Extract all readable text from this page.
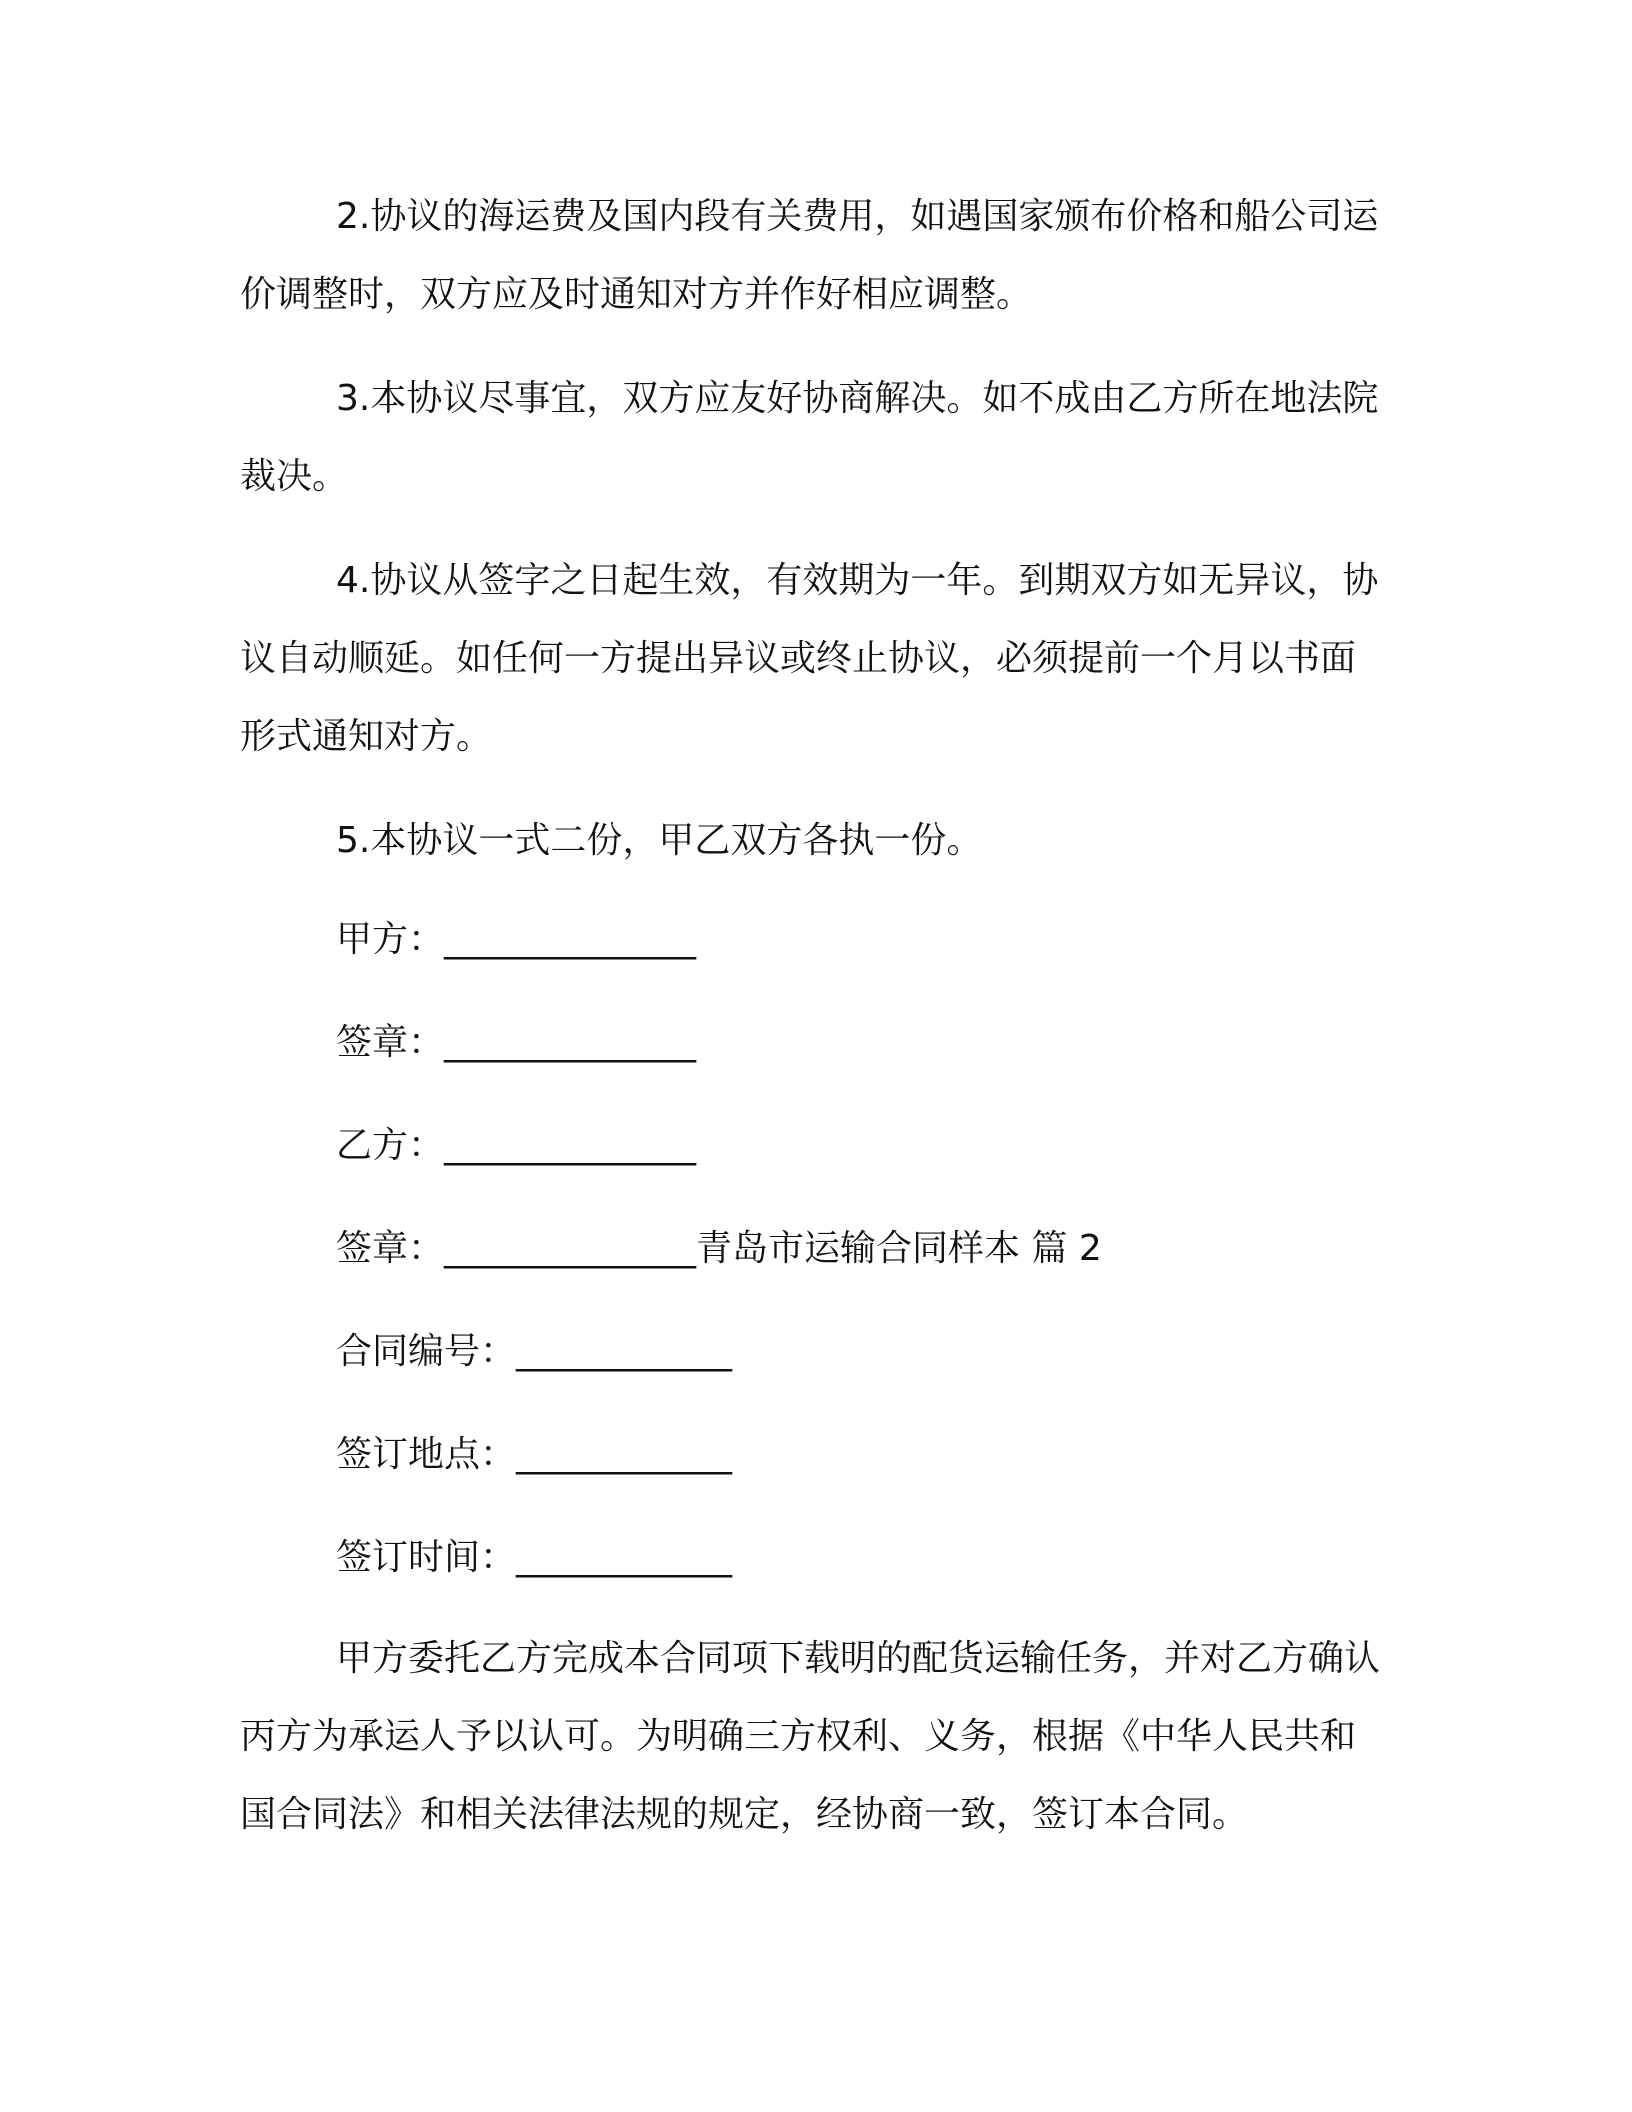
2.协议的海运费及国内段有关费用，如遇国家颁布价格和船公司运价调整时，双方应及时通知对方并作好相应调整。

3.本协议尽事宜，双方应友好协商解决。如不成由乙方所在地法院裁决。

4.协议从签字之日起生效，有效期为一年。到期双方如无异议，协议自动顺延。如任何一方提出异议或终止协议，必须提前一个月以书面形式通知对方。

5.本协议一式二份，甲乙双方各执一份。

甲方：______________

签章：______________

乙方：______________

签章：______________青岛市运输合同样本 篇 2

合同编号：____________

签订地点：____________

签订时间：____________

甲方委托乙方完成本合同项下载明的配货运输任务，并对乙方确认丙方为承运人予以认可。为明确三方权利、义务，根据《中华人民共和国合同法》和相关法律法规的规定，经协商一致，签订本合同。
